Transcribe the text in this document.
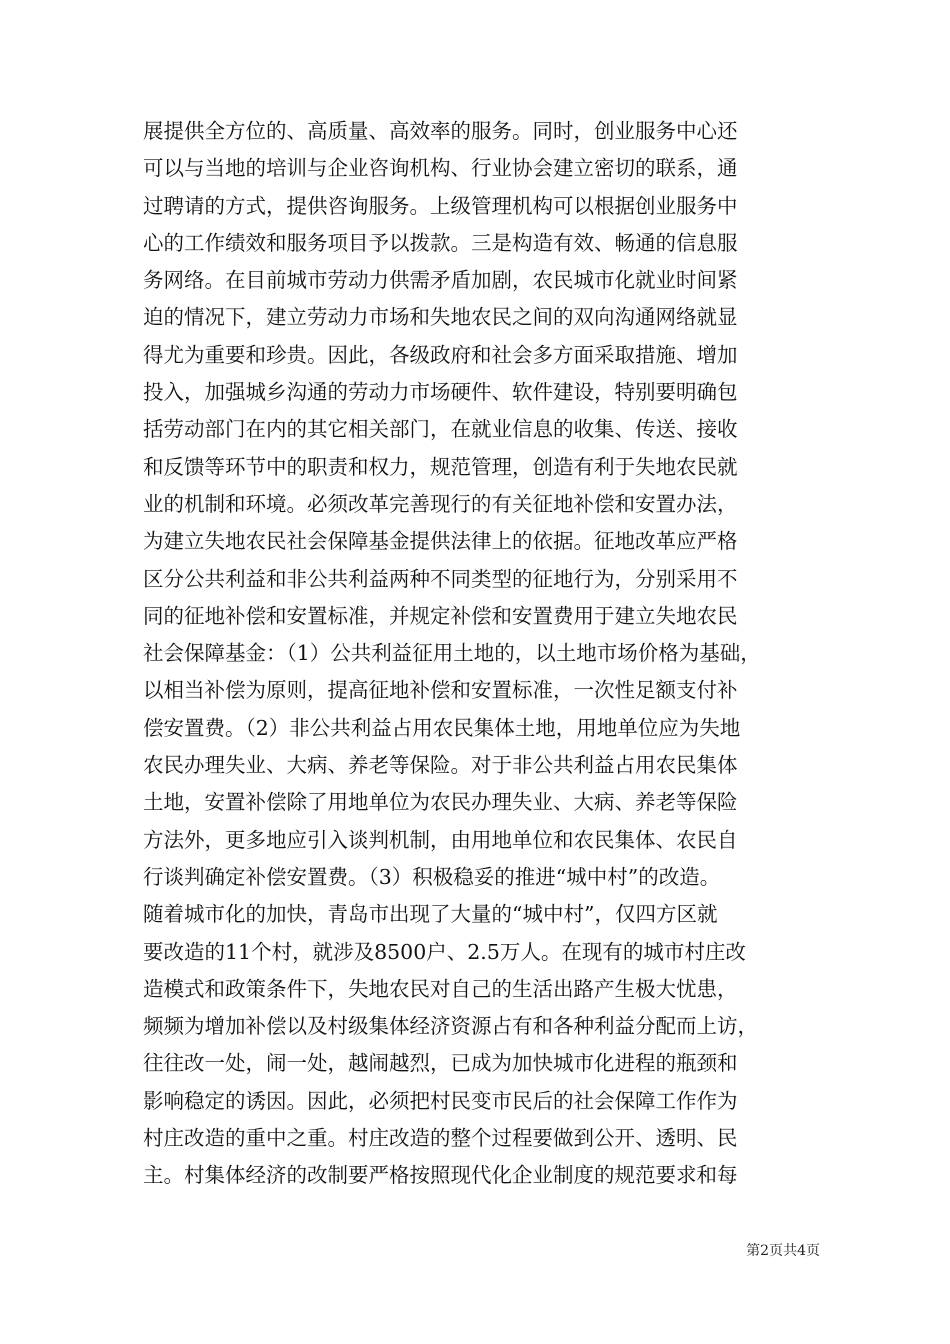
展提供全方位的、高质量、高效率的服务。同时，创业服务中心还
可以与当地的培训与企业咨询机构、行业协会建立密切的联系，通
过聘请的方式，提供咨询服务。上级管理机构可以根据创业服务中
心的工作绩效和服务项目予以拨款。三是构造有效、畅通的信息服
务网络。在目前城市劳动力供需矛盾加剧，农民城市化就业时间紧
迫的情况下，建立劳动力市场和失地农民之间的双向沟通网络就显
得尤为重要和珍贵。因此，各级政府和社会多方面采取措施、增加
投入，加强城乡沟通的劳动力市场硬件、软件建设，特别要明确包
括劳动部门在内的其它相关部门，在就业信息的收集、传送、接收
和反馈等环节中的职责和权力，规范管理，创造有利于失地农民就
业的机制和环境。必须改革完善现行的有关征地补偿和安置办法，
为建立失地农民社会保障基金提供法律上的依据。征地改革应严格
区分公共利益和非公共利益两种不同类型的征地行为，分别采用不
同的征地补偿和安置标准，并规定补偿和安置费用于建立失地农民
社会保障基金：（1）公共利益征用土地的，以土地市场价格为基础，
以相当补偿为原则，提高征地补偿和安置标准，一次性足额支付补
偿安置费。（2）非公共利益占用农民集体土地，用地单位应为失地
农民办理失业、大病、养老等保险。对于非公共利益占用农民集体
土地，安置补偿除了用地单位为农民办理失业、大病、养老等保险
方法外，更多地应引入谈判机制，由用地单位和农民集体、农民自
行谈判确定补偿安置费。（3）积极稳妥的推进“城中村”的改造。
随着城市化的加快，青岛市出现了大量的“城中村”，仅四方区就
要改造的11个村，就涉及8500户、2.5万人。在现有的城市村庄改
造模式和政策条件下，失地农民对自己的生活出路产生极大忧患，
频频为增加补偿以及村级集体经济资源占有和各种利益分配而上访，
往往改一处，闹一处，越闹越烈，已成为加快城市化进程的瓶颈和
影响稳定的诱因。因此，必须把村民变市民后的社会保障工作作为
村庄改造的重中之重。村庄改造的整个过程要做到公开、透明、民
主。村集体经济的改制要严格按照现代化企业制度的规范要求和每
第2页共4页
